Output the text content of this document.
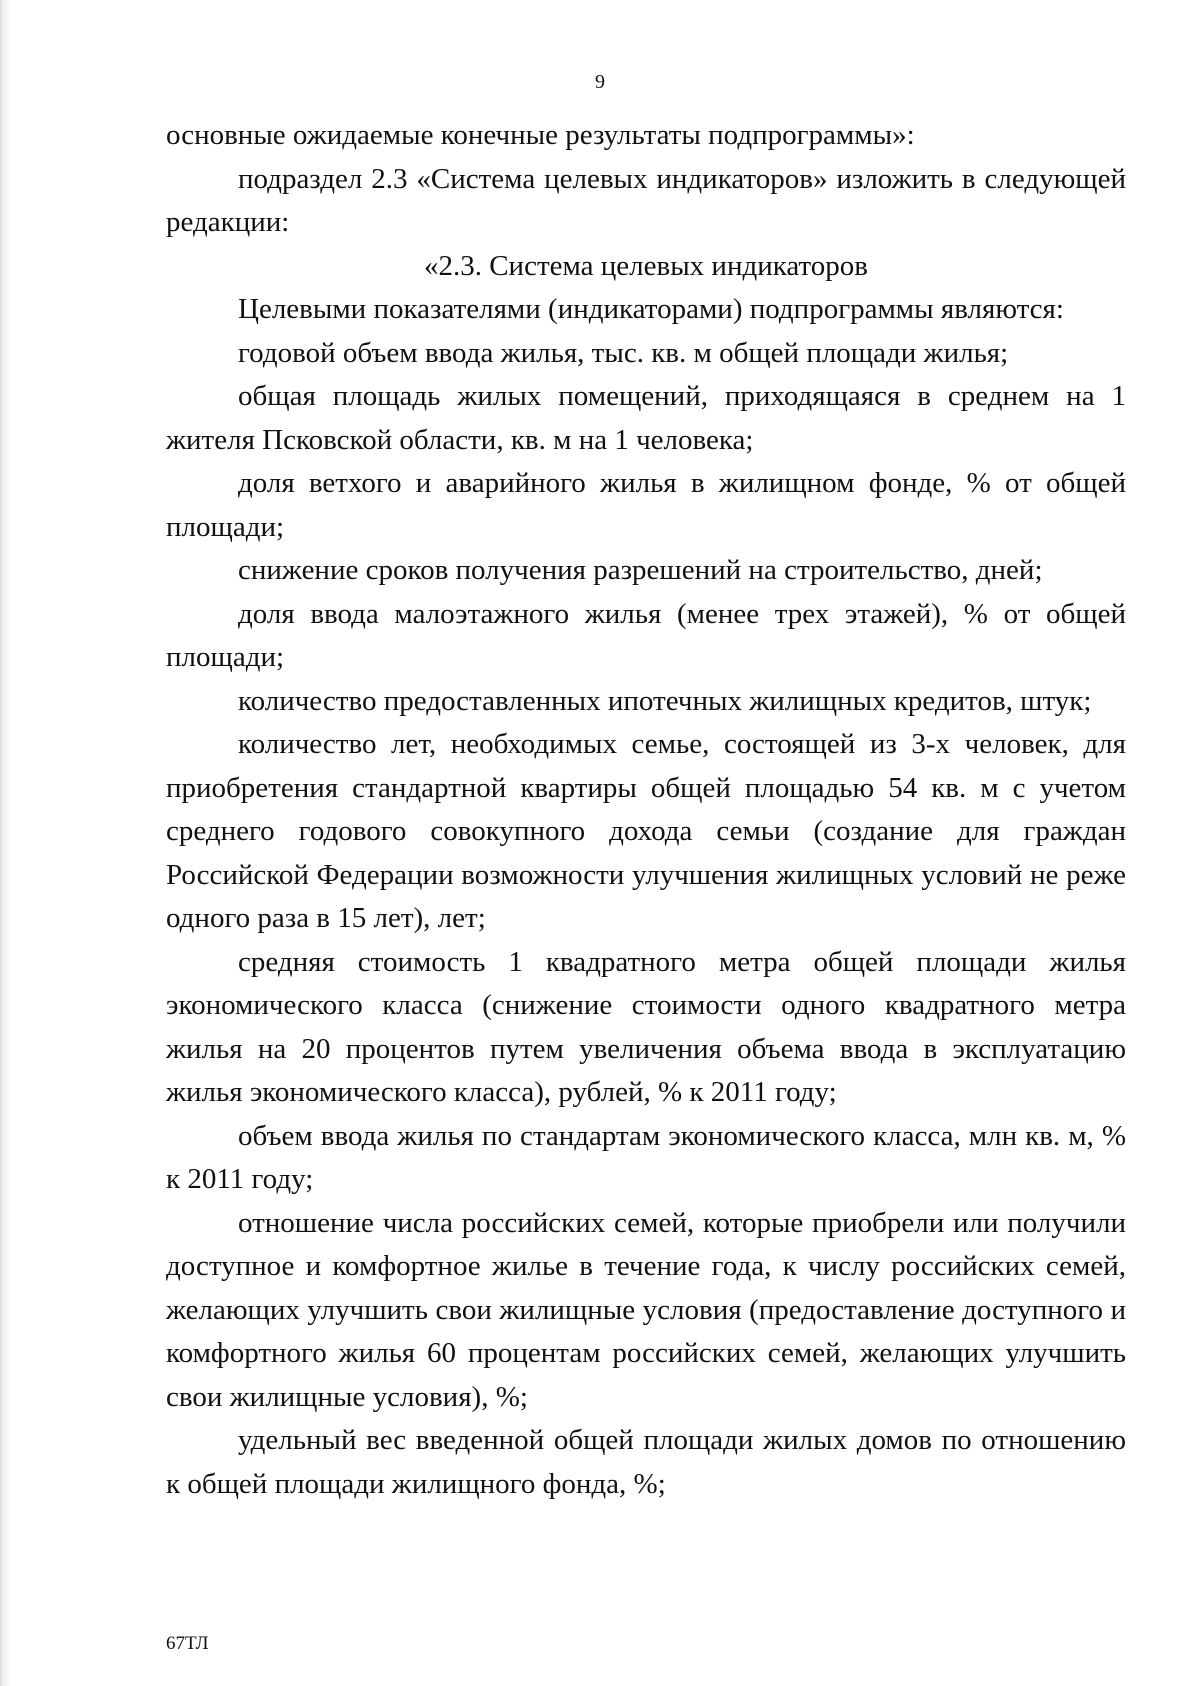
9

основные ожидаемые конечные результаты подпрограммы»:

подраздел 2.3 «Система целевых индикаторов» изложить в следующей редакции:

«2.3. Система целевых индикаторов

Целевыми показателями (индикаторами) подпрограммы являются:

годовой объем ввода жилья, тыс. кв. м общей площади жилья;

общая площадь жилых помещений, приходящаяся в среднем на 1 жителя Псковской области, кв. м на 1 человека;

доля ветхого и аварийного жилья в жилищном фонде, % от общей площади;

снижение сроков получения разрешений на строительство, дней;

доля ввода малоэтажного жилья (менее трех этажей), % от общей площади;

количество предоставленных ипотечных жилищных кредитов, штук;

количество лет, необходимых семье, состоящей из 3-х человек, для приобретения стандартной квартиры общей площадью 54 кв. м с учетом среднего годового совокупного дохода семьи (создание для граждан Российской Федерации возможности улучшения жилищных условий не реже одного раза в 15 лет), лет;

средняя стоимость 1 квадратного метра общей площади жилья экономического класса (снижение стоимости одного квадратного метра жилья на 20 процентов путем увеличения объема ввода в эксплуатацию жилья экономического класса), рублей, % к 2011 году;

объем ввода жилья по стандартам экономического класса, млн кв. м, % к 2011 году;

отношение числа российских семей, которые приобрели или получили доступное и комфортное жилье в течение года, к числу российских семей, желающих улучшить свои жилищные условия (предоставление доступного и комфортного жилья 60 процентам российских семей, желающих улучшить свои жилищные условия), %;

удельный вес введенной общей площади жилых домов по отношению к общей площади жилищного фонда, %;

67ТЛ
